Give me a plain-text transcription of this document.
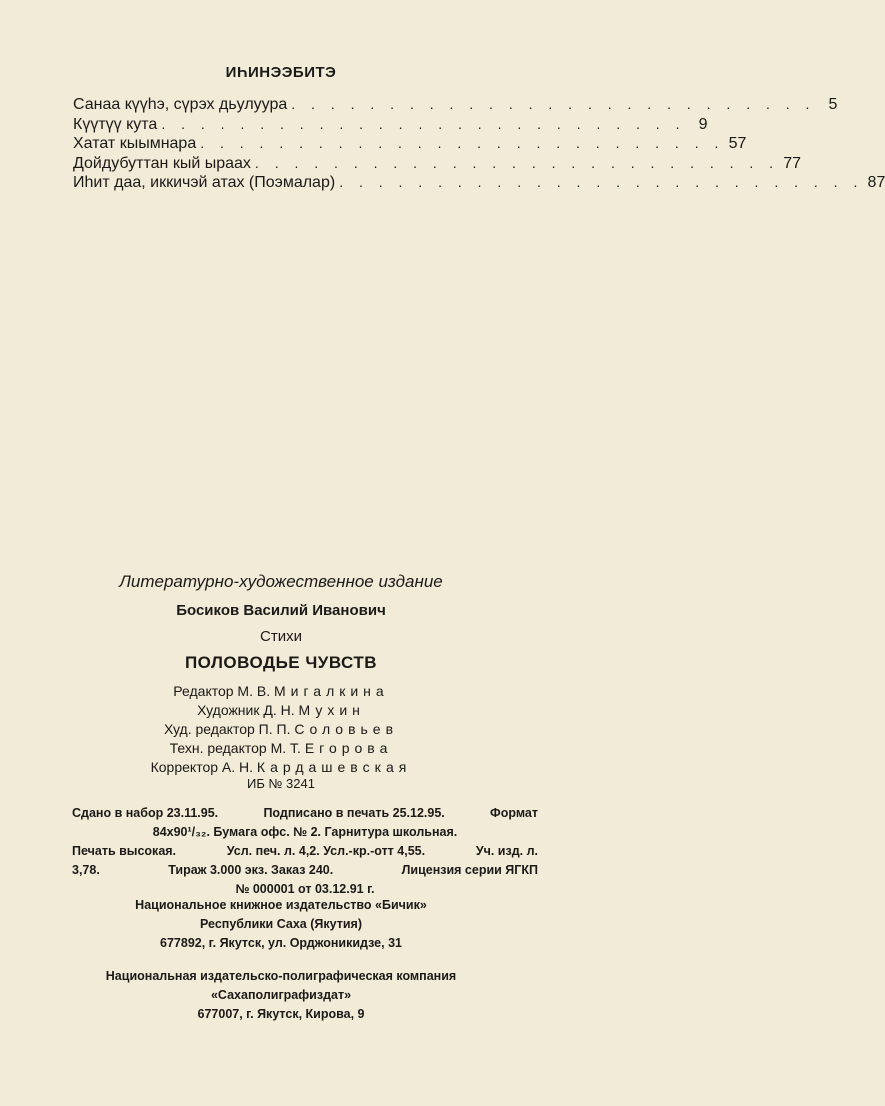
ИҺИНЭЭБИТЭ
Санаа күүһэ, сүрэх дьулуура . . . . . . . . . . . . . . . . . . . . . . . . . . . 5
Күүтүү кута . . . . . . . . . . . . . . . . . . . . . . . . . . . 9
Хатат кыымнара . . . . . . . . . . . . . . . . . . . . . . . . . . . 57
Дойдубуттан кый ыраах . . . . . . . . . . . . . . . . . . . . . . . . . . . 77
Иһит даа, иккичэй атах (Поэмалар) . . . . . . . . . . . . . . . . . . . . . . . . . . . 87
Литературно-художественное издание
Босиков Василий Иванович
Стихи
ПОЛОВОДЬЕ ЧУВСТВ
Редактор М. В. Мигалкина
Художник Д. Н. Мухин
Худ. редактор П. П. Соловьев
Техн. редактор М. Т. Егорова
Корректор А. Н. Кардашевская
ИБ № 3241
Сдано в набор 23.11.95.	Подписано в печать 25.12.95.	Формат
84x90¹/₃₂. Бумага офс. № 2. Гарнитура школьная.
Печать высокая.	Усл. печ. л. 4,2. Усл.-кр.-отт 4,55.	Уч. изд. л.
3,78.	Тираж 3.000 экз. Заказ 240.	Лицензия серии ЯГКП
№ 000001 от 03.12.91 г.
Национальное книжное издательство «Бичик»
Республики Саха (Якутия)
677892, г. Якутск, ул. Орджоникидзе, 31
Национальная издательско-полиграфическая компания
«Сахаполиграфиздат»
677007, г. Якутск, Кирова, 9
